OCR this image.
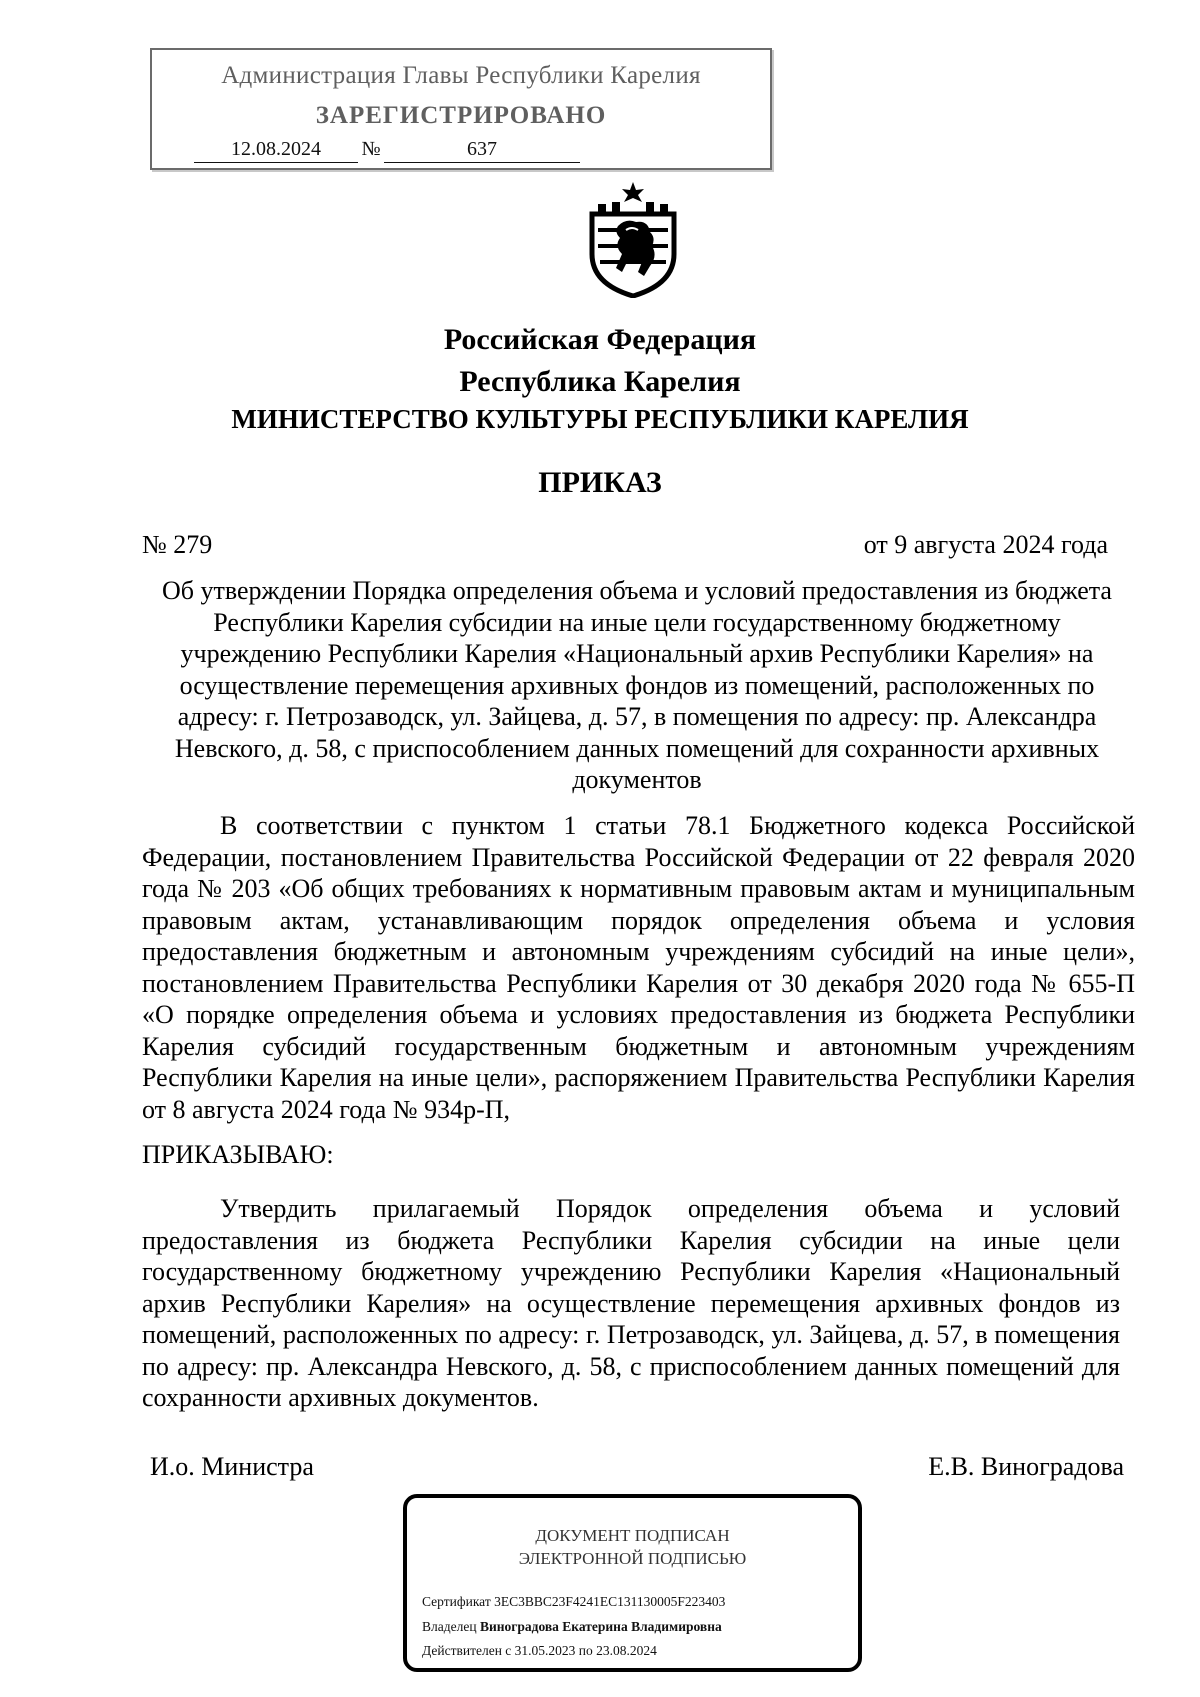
Администрация Главы Республики Карелия
ЗАРЕГИСТРИРОВАНО
12.08.2024	№	637
Российская Федерация
Республика Карелия
МИНИСТЕРСТВО КУЛЬТУРЫ РЕСПУБЛИКИ КАРЕЛИЯ
ПРИКАЗ
№ 279	от 9 августа 2024 года
Об утверждении Порядка определения объема и условий предоставления из бюджета Республики Карелия субсидии на иные цели государственному бюджетному учреждению Республики Карелия «Национальный архив Республики Карелия» на осуществление перемещения архивных фондов из помещений, расположенных по адресу: г. Петрозаводск, ул. Зайцева, д. 57, в помещения по адресу: пр. Александра Невского, д. 58, с приспособлением данных помещений для сохранности архивных документов
В соответствии с пунктом 1 статьи 78.1 Бюджетного кодекса Российской Федерации, постановлением Правительства Российской Федерации от 22 февраля 2020 года № 203 «Об общих требованиях к нормативным правовым актам и муниципальным правовым актам, устанавливающим порядок определения объема и условия предоставления бюджетным и автономным учреждениям субсидий на иные цели», постановлением Правительства Республики Карелия от 30 декабря 2020 года № 655-П «О порядке определения объема и условиях предоставления из бюджета Республики Карелия субсидий государственным бюджетным и автономным учреждениям Республики Карелия на иные цели», распоряжением Правительства Республики Карелия от 8 августа 2024 года № 934р-П,
ПРИКАЗЫВАЮ:
Утвердить прилагаемый Порядок определения объема и условий предоставления из бюджета Республики Карелия субсидии на иные цели государственному бюджетному учреждению Республики Карелия «Национальный архив Республики Карелия» на осуществление перемещения архивных фондов из помещений, расположенных по адресу: г. Петрозаводск, ул. Зайцева, д. 57, в помещения по адресу: пр. Александра Невского, д. 58, с приспособлением данных помещений для сохранности архивных документов.
И.о. Министра	Е.В. Виноградова
ДОКУМЕНТ ПОДПИСАН
ЭЛЕКТРОННОЙ ПОДПИСЬЮ
Сертификат 3EC3BBC23F4241EC131130005F223403
Владелец Виноградова Екатерина Владимировна
Действителен с 31.05.2023 по 23.08.2024
